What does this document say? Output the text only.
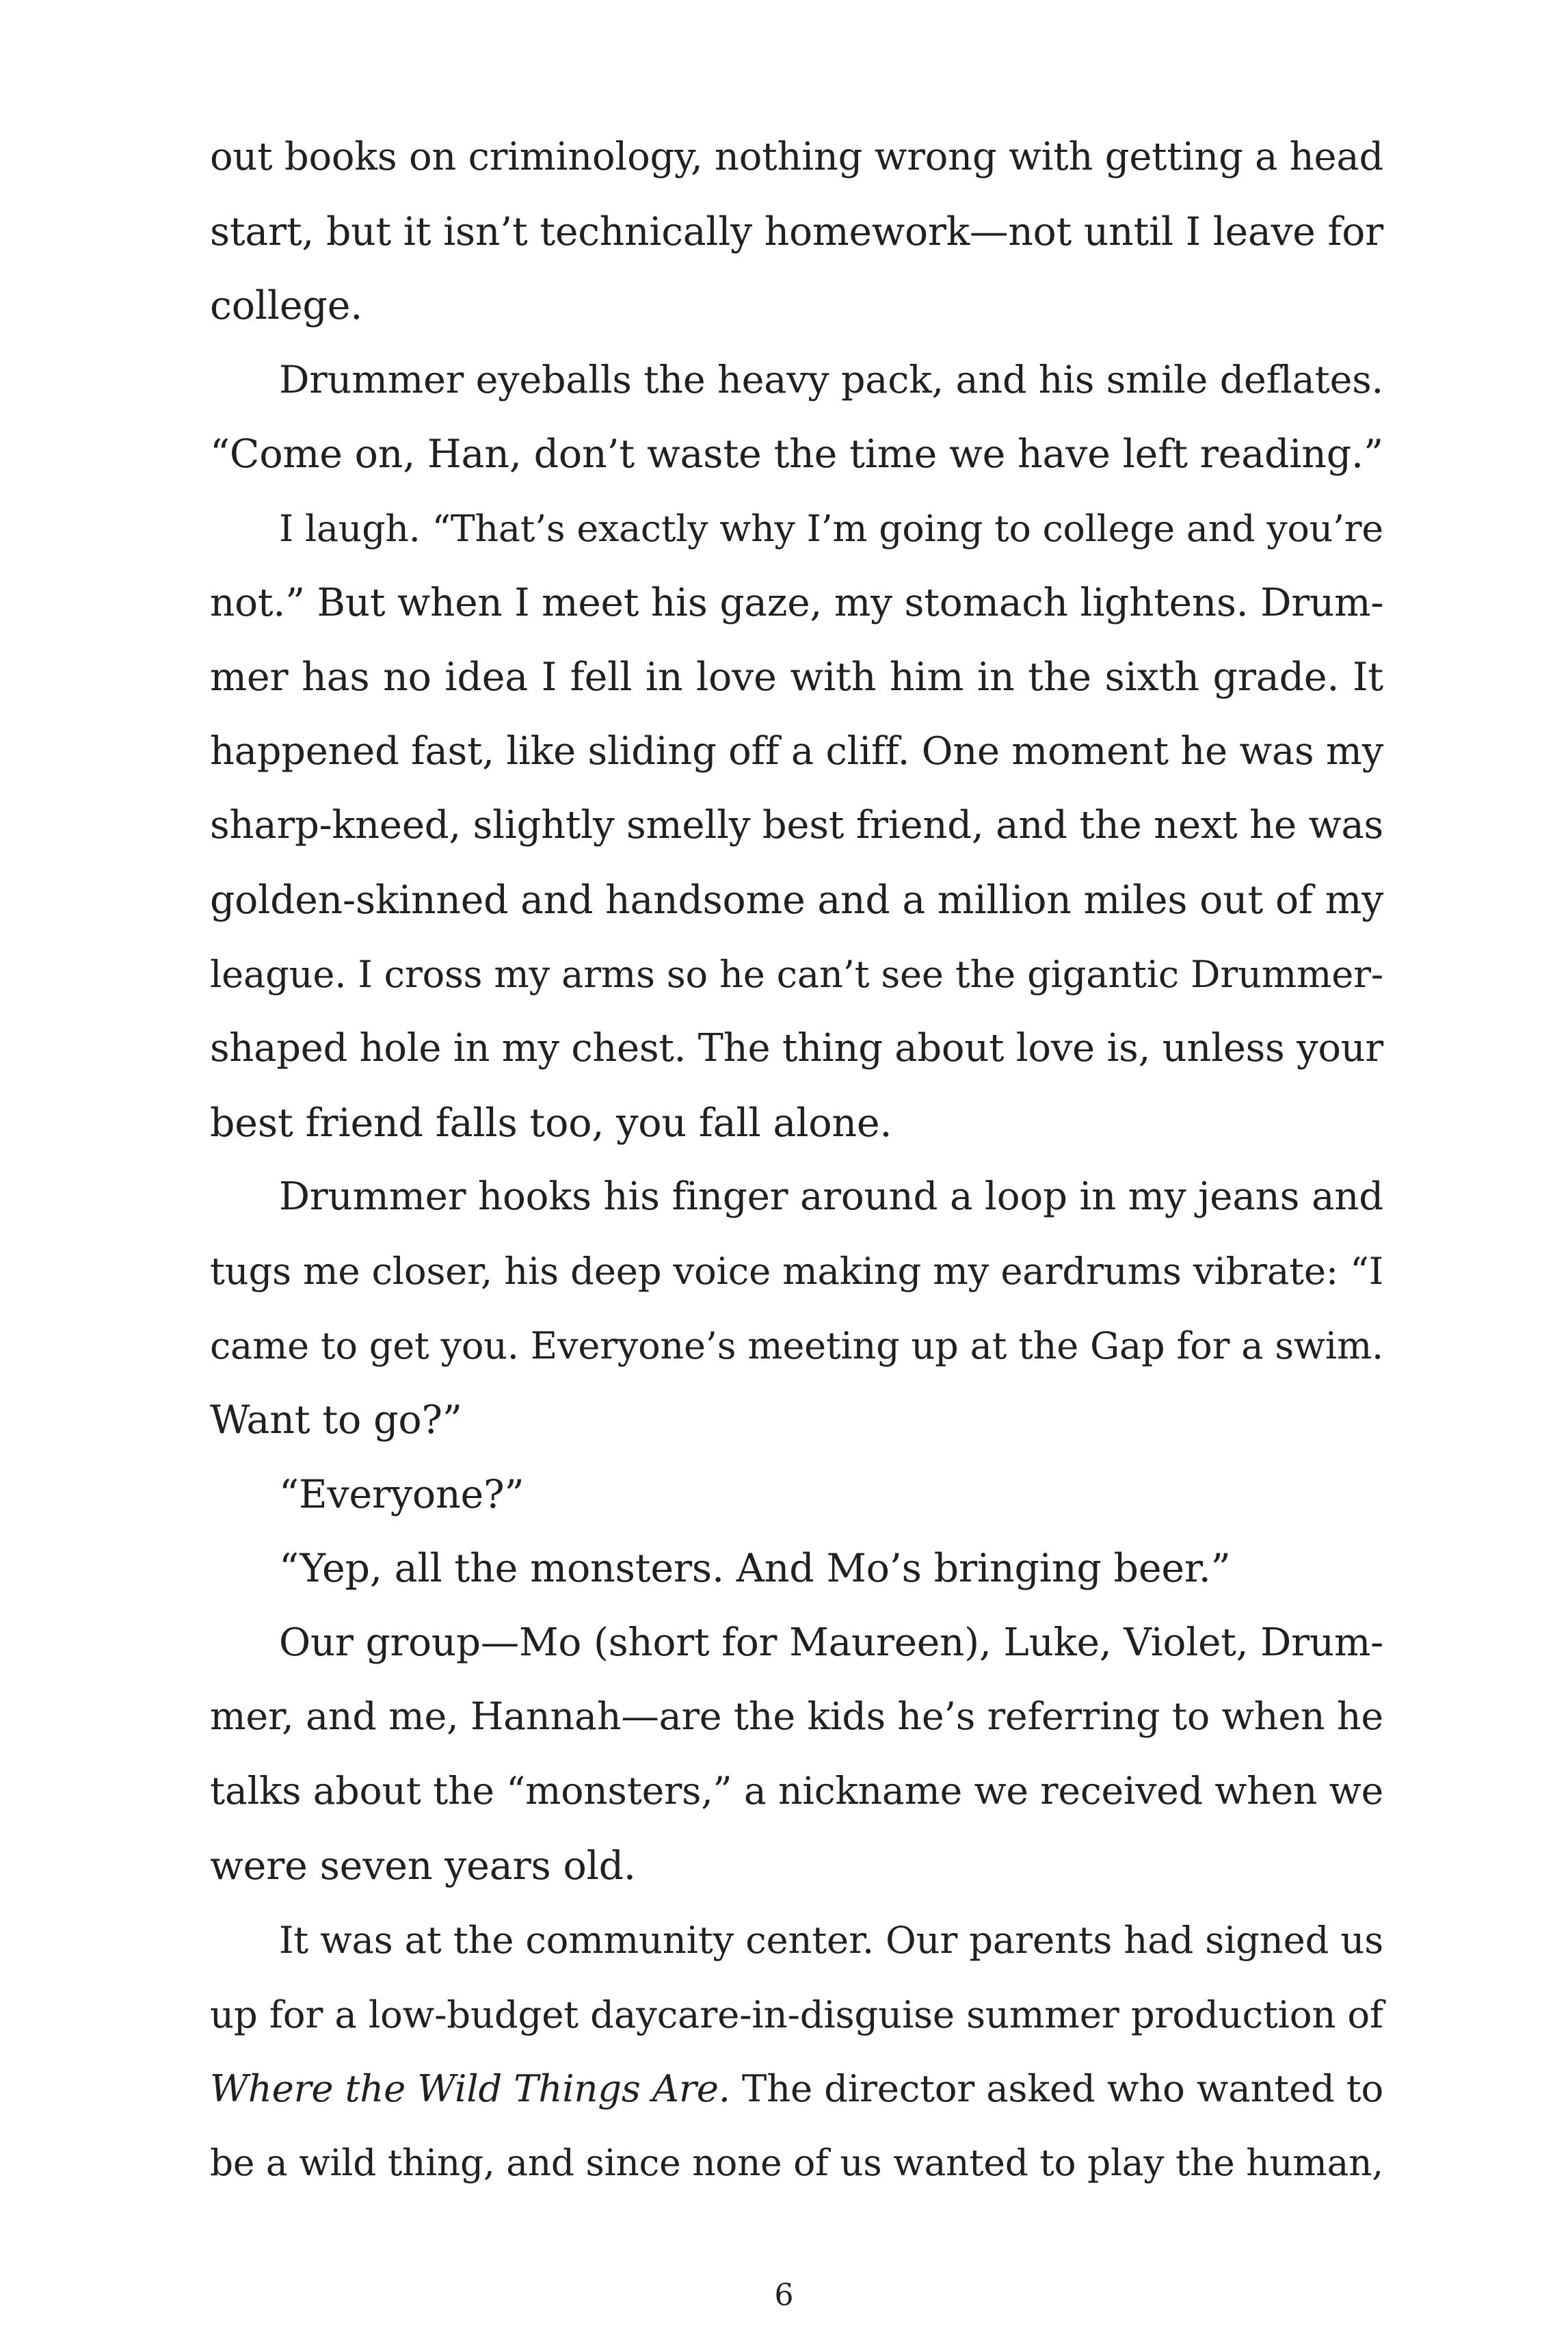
out books on criminology, nothing wrong with getting a head
start, but it isn’t technically homework—not until I leave for
college.
Drummer eyeballs the heavy pack, and his smile deflates.
“Come on, Han, don’t waste the time we have left reading.”
I laugh. “That’s exactly why I’m going to college and you’re
not.” But when I meet his gaze, my stomach lightens. Drum-
mer has no idea I fell in love with him in the sixth grade. It
happened fast, like sliding off a cliff. One moment he was my
sharp-kneed, slightly smelly best friend, and the next he was
golden-skinned and handsome and a million miles out of my
league. I cross my arms so he can’t see the gigantic Drummer-
shaped hole in my chest. The thing about love is, unless your
best friend falls too, you fall alone.
Drummer hooks his finger around a loop in my jeans and
tugs me closer, his deep voice making my eardrums vibrate: “I
came to get you. Everyone’s meeting up at the Gap for a swim.
Want to go?”
“Everyone?”
“Yep, all the monsters. And Mo’s bringing beer.”
Our group—Mo (short for Maureen), Luke, Violet, Drum-
mer, and me, Hannah—are the kids he’s referring to when he
talks about the “monsters,” a nickname we received when we
were seven years old.
It was at the community center. Our parents had signed us
up for a low-budget daycare-in-disguise summer production of
Where the Wild Things Are. The director asked who wanted to
be a wild thing, and since none of us wanted to play the human,
6
